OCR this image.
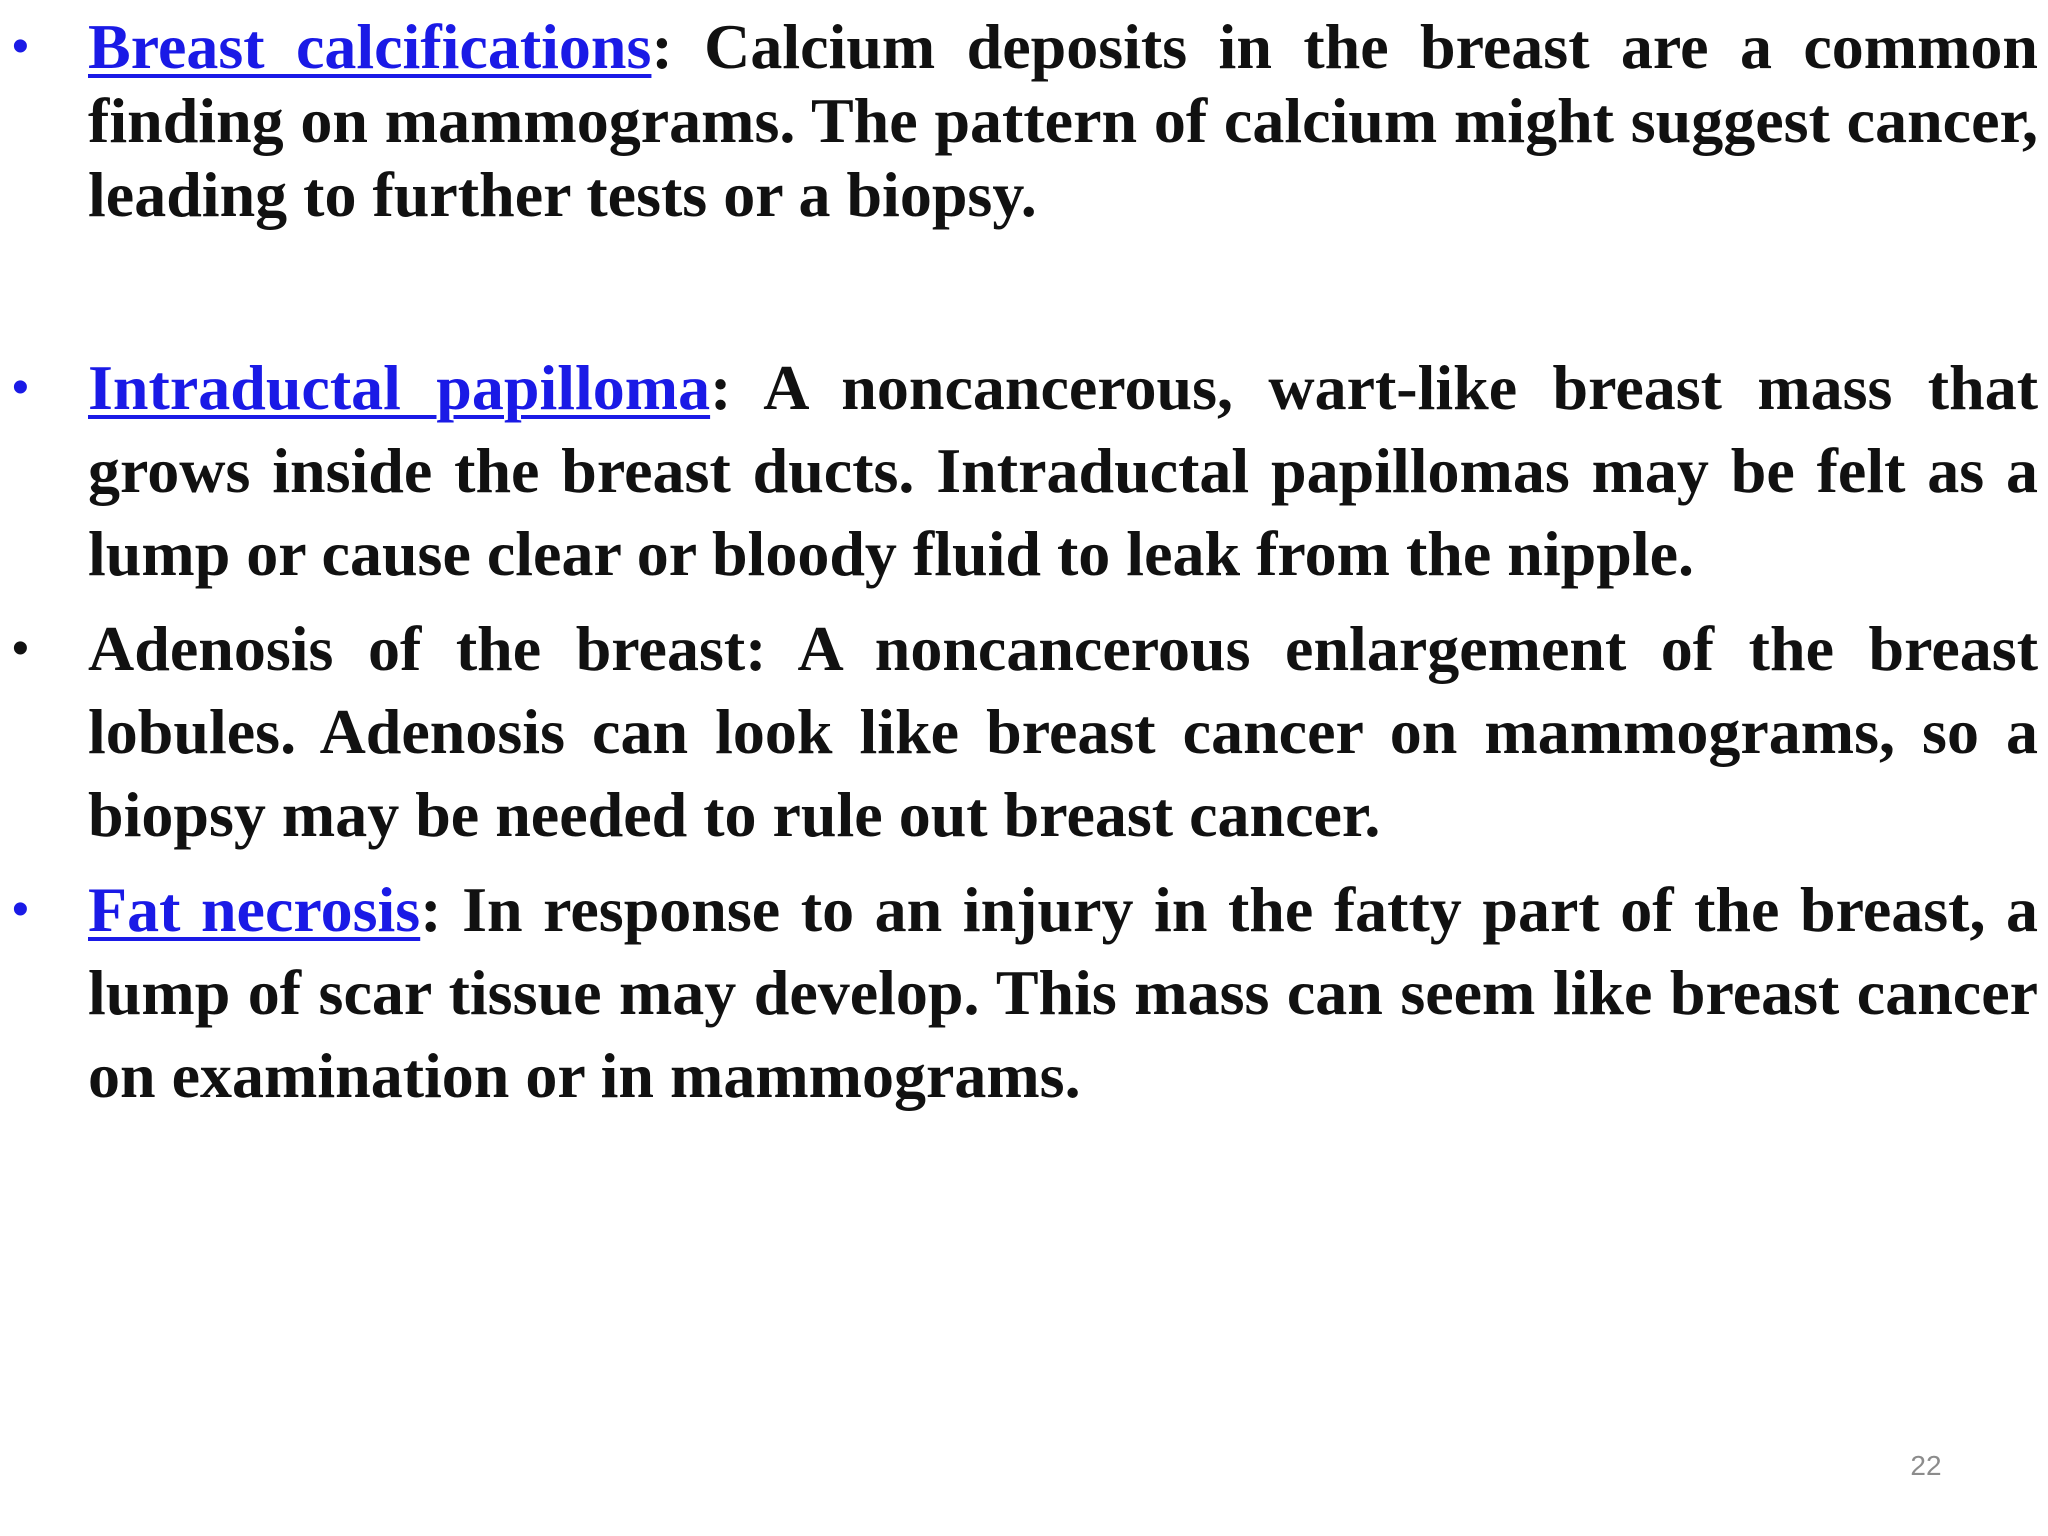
• Breast calcifications: Calcium deposits in the breast are a common finding on mammograms. The pattern of calcium might suggest cancer, leading to further tests or a biopsy.
• Intraductal papilloma: A noncancerous, wart-like breast mass that grows inside the breast ducts. Intraductal papillomas may be felt as a lump or cause clear or bloody fluid to leak from the nipple.
• Adenosis of the breast: A noncancerous enlargement of the breast lobules. Adenosis can look like breast cancer on mammograms, so a biopsy may be needed to rule out breast cancer.
• Fat necrosis: In response to an injury in the fatty part of the breast, a lump of scar tissue may develop. This mass can seem like breast cancer on examination or in mammograms.
22
